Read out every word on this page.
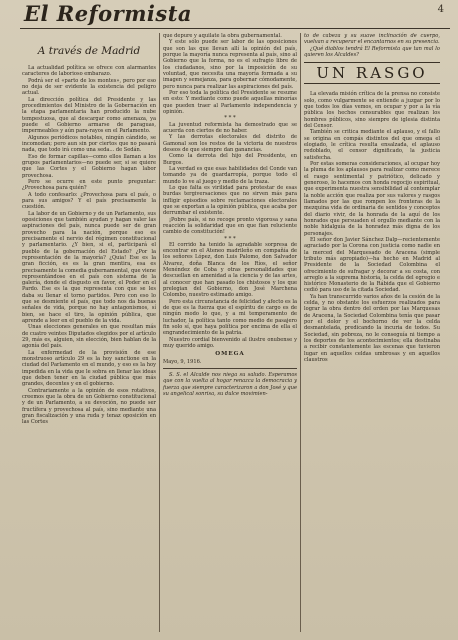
El Reformista	4
A través de Madrid

La actualidad política se ofrece con alarmantes caracteres de laborioso embarazo.

Podrá ser el «parto de los montes», pero por eso no deja de ser evidente la existencia del peligro actual.

La dirección política del Presidente y las procedimientos del Ministro de la Gobernación en la etapa parlamentaria han producido la nube tempestuosa, que al descargar como amenaza, ya puede el Gobierno armarse de paraguas, impermeables y aún para-rayos en el Parlamento.

Algunos periódicos notables, ningún cándido, se incomodan; pero aun sin por ciertos que no pasará nada, que todo irá como una seda... de Sedán.

Eso de formar capillas—como ellos llaman a los grupos parlamentarios—no puede ser, si se quiere que las Cortes y el Gobierno hagan labor provechosa.

Pero se ocurre en este punto preguntar: ¿Provechosa para quién?

A todo confesarlo: ¿Provechosa para el país, o para sus amigos? Y el país precisamente la cuestión.

La labor de un Gobierno y de un Parlamento, sus oposiciones que también ayudan y hagan valer las aspiraciones del país, nunca puede ser de gran provecho para la nación, porque eso es precisamente el nervio del régimen constitucional y parlamentario. ¿Y bien, si el, participará el pueblo de la gobernación del Estado? ¿Por la representación de la mayoría? ¿Quia! Ese es la gran ficción, es es la gran mentira, esa es precisamente la comedia gubernamental, que viene representándose en el país con sistema de la galería, donde el disgusto en favor, el Poder en el Pardo. Ese es la que representa con que se les daba su llenar el torno partidos. Pero con eso lo que se desmiente el país, que todo nos da buenas señales de vida, porque no hay antagonismos, sí bien, se hace el tiro, la opinión pública, que aprende a leer en el pueblo de la vida.

Unas elecciones generales en que resultan más de cuatro veintes Diputados elegidos por el artículo 29, más es, alguien, sin elección, bien hablan de la agonía del país.

La enfermedad de la provisión de ese monstruoso artículo 29 es la hoy sanctione en la ciudad del Parlamento en el mundo, y eso es la hoy impedida en la vida que le sobra en llenar las ideas que deben tener en la ciudad pública que más grandes, decentes y en el gobierno.

Contrariamente a la opinión de esos rotativos, creemos que la obra de un Gobierno constitucional y de un Parlamento, a su devoción, no puede ser fructífera y provechosa al país, sino mediante una gran fiscalización y una ruda y tenaz oposición en las Cortes

que depure y aquilate la obra gubernamental.

Y este sólo puede ser labor de las oposiciones que son las que llevan allí la opinión del país, porque la mayoría nunca representa al país, sino al Gobierno que la forma, no es el sufragio libre de los ciudadanos, sino por la imposición de su voluntad, que necesita una mayoría formada a su imagen y semejanza, para gobernar cómodamente, pero nunca para realizar las aspiraciones del país.

Por eso toda la política del Presidente se resume en esto: Y mediante como puede aquellas minorías que pueden traer al Parlamento independencia y opinión.

* * *

La juventud reformista ha demostrado que se acuerda con ciertos de no haber.

Y las derrotas electorales del distrito de Gamonal son los restos de la victoria de nuestros deseos de que siempre dan ganancias.

Como la derrota del hijo del Presidente, en Burgos.

La verdad es que esas habilidades del Conde van tomando ya de guardarropía, porque todo el mundo lo ve al juego y medio de la traza.

Lo que falta es virilidad para protestar de esas burdas tergiversaciones que no sirven más para infligir episodios sobre reclamaciones electorales que se exportan a la opinión pública, que acaba por derrumbar el existente.

¡Pobre país, si no recoge pronto vigorosa y sana reacción la solidaridad que en que fían reluciente cambio de constitución!

* * *

El corrido ha tenido la agradable sorpresa de encontrar en el Ateneo madrileño en compañía de los señores López, don Luis Palomo, don Salvador Álvarez, doña Blanca de los Ríos, el señor Menéndez de Coba y otras personalidades que descuellan en amenidad a la ciencia y de las artes, al conocer que han pasado los chistosos y los que prelegian del Gobierno, don José Marchena Colombo, nuestro estimado amigo.

Pero esta circunstancia de felicidad y afecto es la de que es la fuerza que el espíritu de cargo es de ningún modo lo que, y a mi temperamento de luchador, la política tanto como medio de pasajero fin solo sí, que haya política por encima de ella el engrandecimiento de la patria.

Nuestro cordial bienvenido al ilustre onubense y muy querido amigo.

OMEGA
Mayo, 9, 1916.

S. S. el Alcalde nos niega su saludo. Esperamos que con la vuelta al hogar renazca la democracia y fuerza que siempre caracterizaron a don José y que su angelical sonrisa, su dulce movimien-

to de cabeza y su suave inclinación de cuerpo, vuelvan a recuperar el encantarnos en su presencia.

¿Qué diablos tendrá El Reformista que tan mal lo quieren los Alcaldes?

UN RASGO

La elevada misión crítica de la prensa no consiste solo, como vulgarmente se entiende a juzgar por lo que todos los días vemos, en ocupar y por a la vía pública los hechos censurables que realizan los hombres públicos, sino siempre de iglesia distinta del Censor.

También se critica mediante el aplauso, y el fallo se origina en compás distintos del que omega el elogiado, le crítica resulta ensalzada, el aplauso redoblado, el censor dignificado, la justicia satisfecha.

Por estas someras consideraciones, al ocupar hoy la pluma de los aplausos para realizar como merece el rasgo sentimental y patriótico, delicado y generoso, lo hacemos con honda regocijo espiritual, que experimenta nuestra sensibilidad al contemplar la noble acción que realiza por sus valores y rasgos llamados por las que rompen los fronteras de la mezquina vida de ordinaria de sentidos y conceptos del diario vivir, de la honrada de la aquí de los honrados que persuaden el orgullo mediante con la noble hidalguía de la honradez más digna de los personajes.

El señor don Javier Sánchez Dalp—recientemente agraciado por la Corona con justicia como nadie en la merced del Marquesado de Aracena (simple tributo más apropiado)—ha hecho en Madrid al Presidente de la Sociedad Colombina el ofrecimiento de sufragar y decorar a su costa, con arreglo a la suprema historia, la celda del egregio e histórico Monasterio de la Rábida que el Gobierno cedió para uso de la citada Sociedad.

Ya han transcurrido varios años de la cesión de la celda, y no obstante los esfuerzos realizados para lograr la obra dentro del orden por las Marquesas de Aracena, la Sociedad Colombina tenía que pasar por el dolor y el bochorno de ver la celda desmantelada, predicando la incuria de todos. Su Sociedad, sin pobreza, no le conseguía ni tiempo a los deportes de los acontecimientos; ella destinaba a recibir constantemente las escenas que tuvieron lugar en aquellos celdas umbrosas y en aquellos claustros
